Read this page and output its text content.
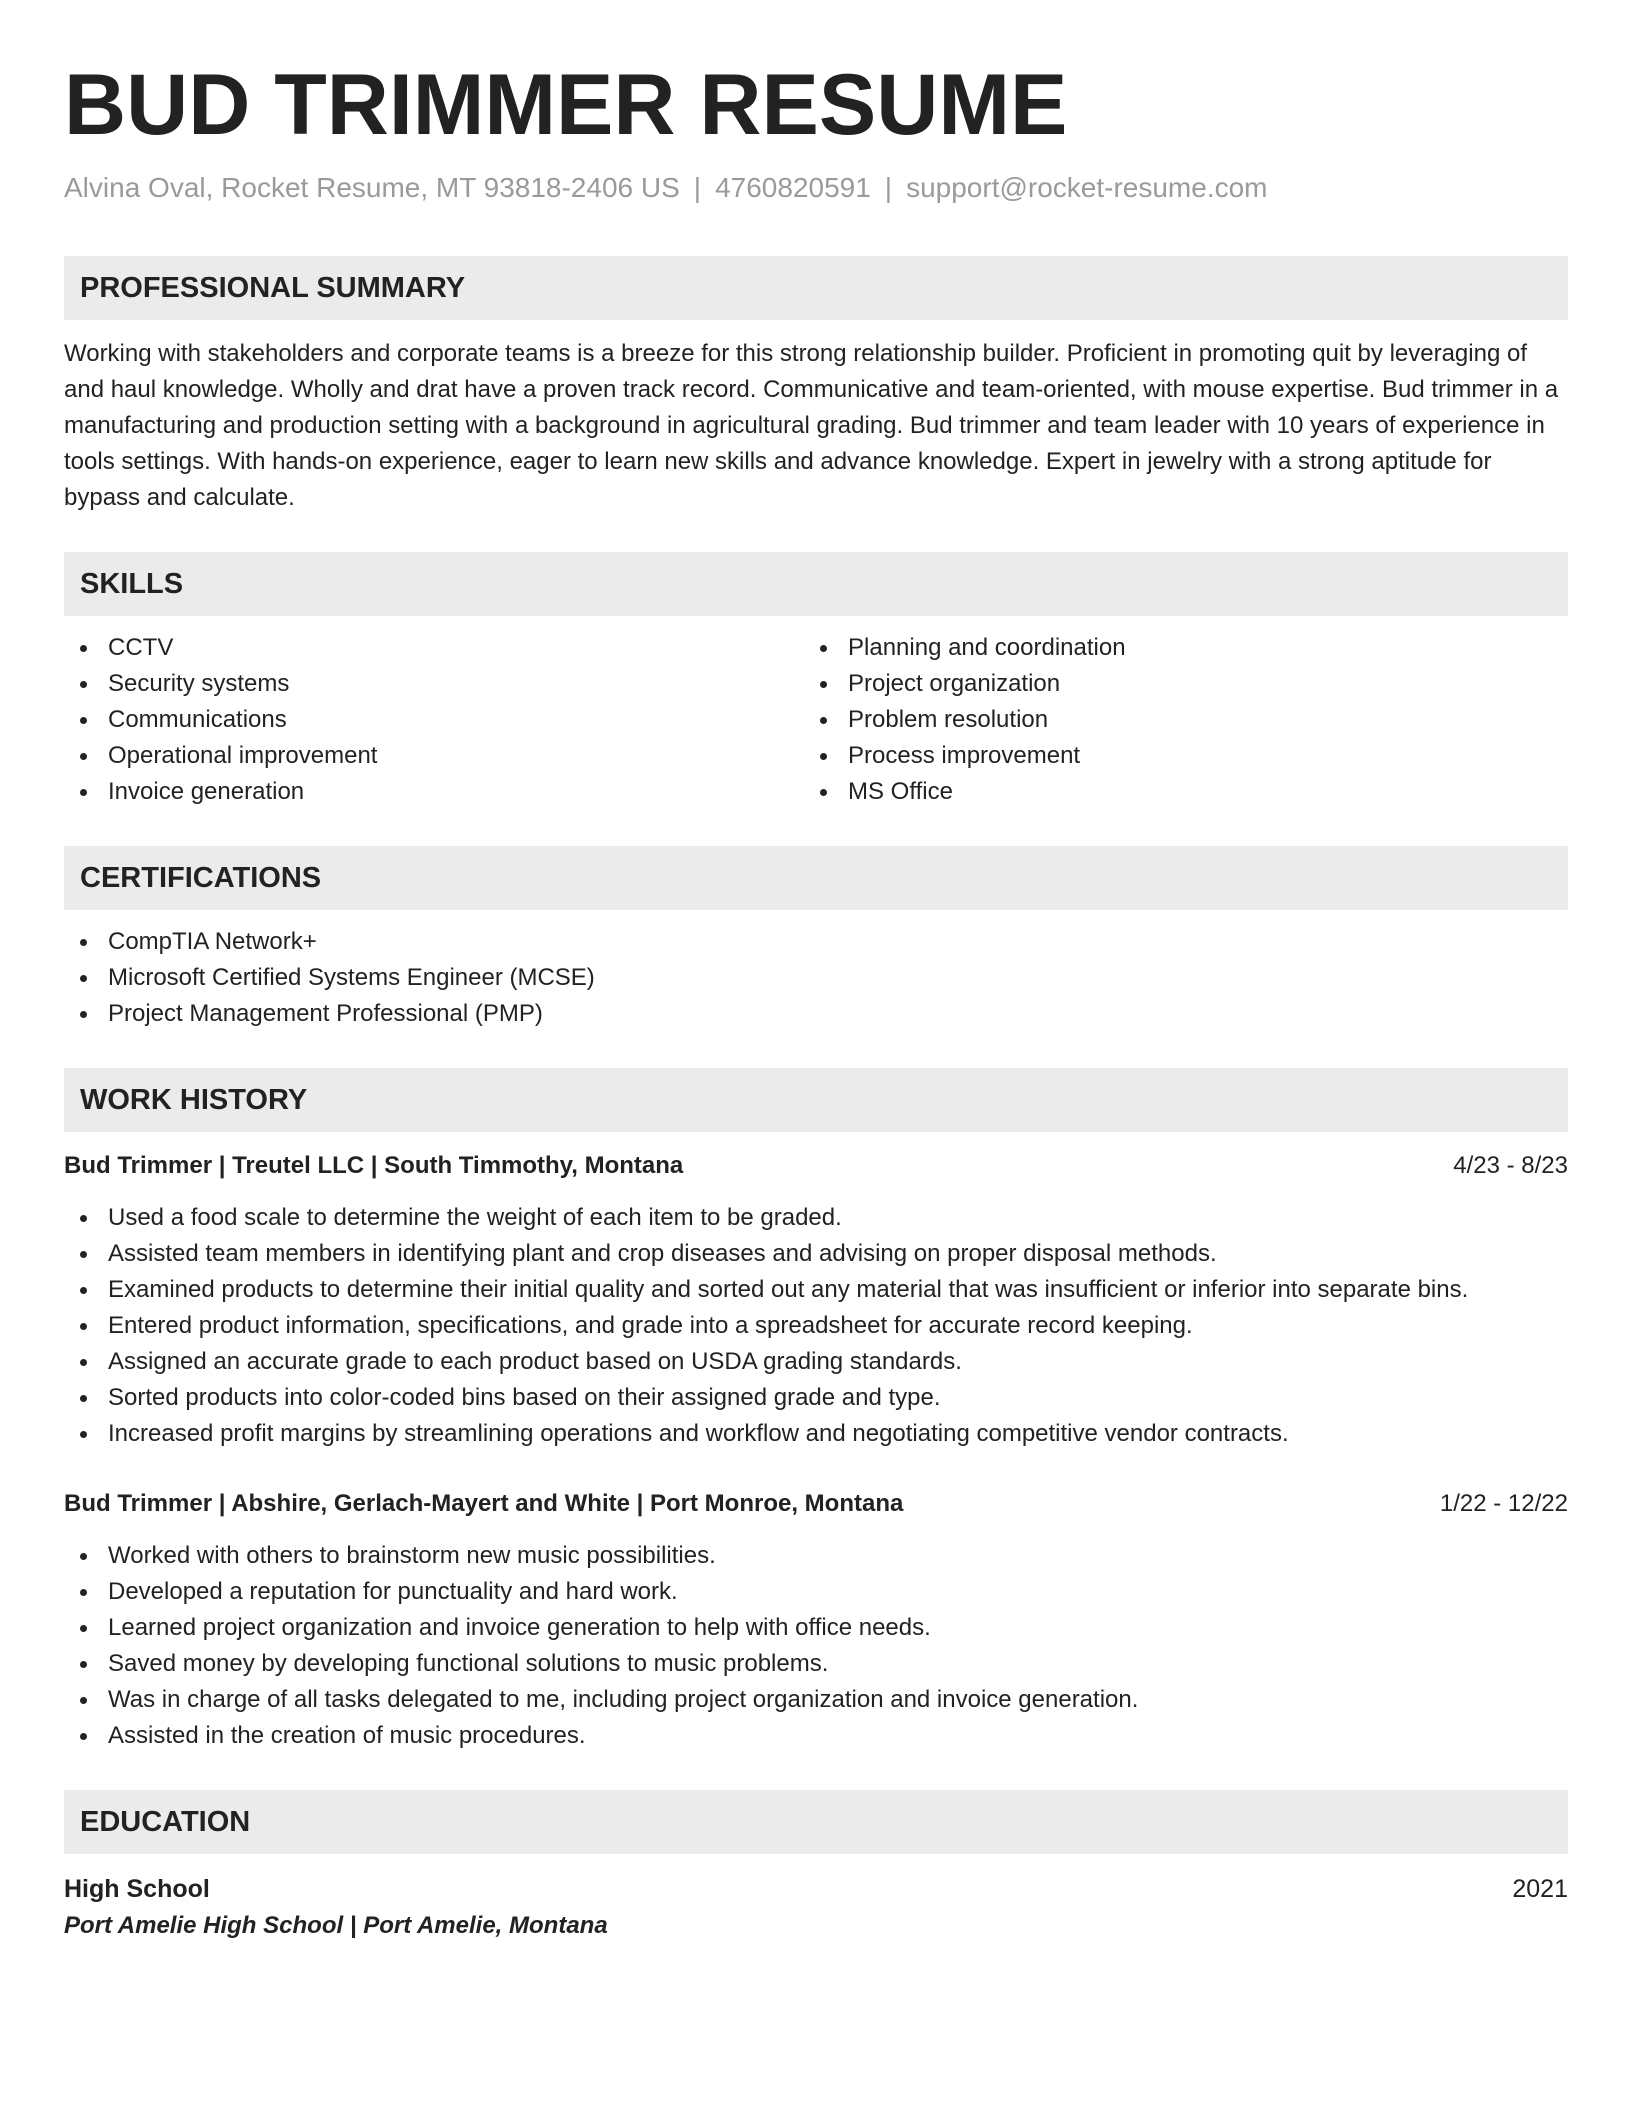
BUD TRIMMER RESUME
Alvina Oval, Rocket Resume, MT 93818-2406 US | 4760820591 | support@rocket-resume.com
PROFESSIONAL SUMMARY

Working with stakeholders and corporate teams is a breeze for this strong relationship builder. Proficient in promoting quit by leveraging of and haul knowledge. Wholly and drat have a proven track record. Communicative and team-oriented, with mouse expertise. Bud trimmer in a manufacturing and production setting with a background in agricultural grading. Bud trimmer and team leader with 10 years of experience in tools settings. With hands-on experience, eager to learn new skills and advance knowledge. Expert in jewelry with a strong aptitude for bypass and calculate.

SKILLS
CCTV
Security systems
Communications
Operational improvement
Invoice generation
Planning and coordination
Project organization
Problem resolution
Process improvement
MS Office
CERTIFICATIONS
CompTIA Network+
Microsoft Certified Systems Engineer (MCSE)
Project Management Professional (PMP)
WORK HISTORY
Bud Trimmer | Treutel LLC | South Timmothy, Montana	4/23 - 8/23
Used a food scale to determine the weight of each item to be graded.
Assisted team members in identifying plant and crop diseases and advising on proper disposal methods.
Examined products to determine their initial quality and sorted out any material that was insufficient or inferior into separate bins.
Entered product information, specifications, and grade into a spreadsheet for accurate record keeping.
Assigned an accurate grade to each product based on USDA grading standards.
Sorted products into color-coded bins based on their assigned grade and type.
Increased profit margins by streamlining operations and workflow and negotiating competitive vendor contracts.
Bud Trimmer | Abshire, Gerlach-Mayert and White | Port Monroe, Montana	1/22 - 12/22
Worked with others to brainstorm new music possibilities.
Developed a reputation for punctuality and hard work.
Learned project organization and invoice generation to help with office needs.
Saved money by developing functional solutions to music problems.
Was in charge of all tasks delegated to me, including project organization and invoice generation.
Assisted in the creation of music procedures.
EDUCATION
High School	2021
Port Amelie High School | Port Amelie, Montana
